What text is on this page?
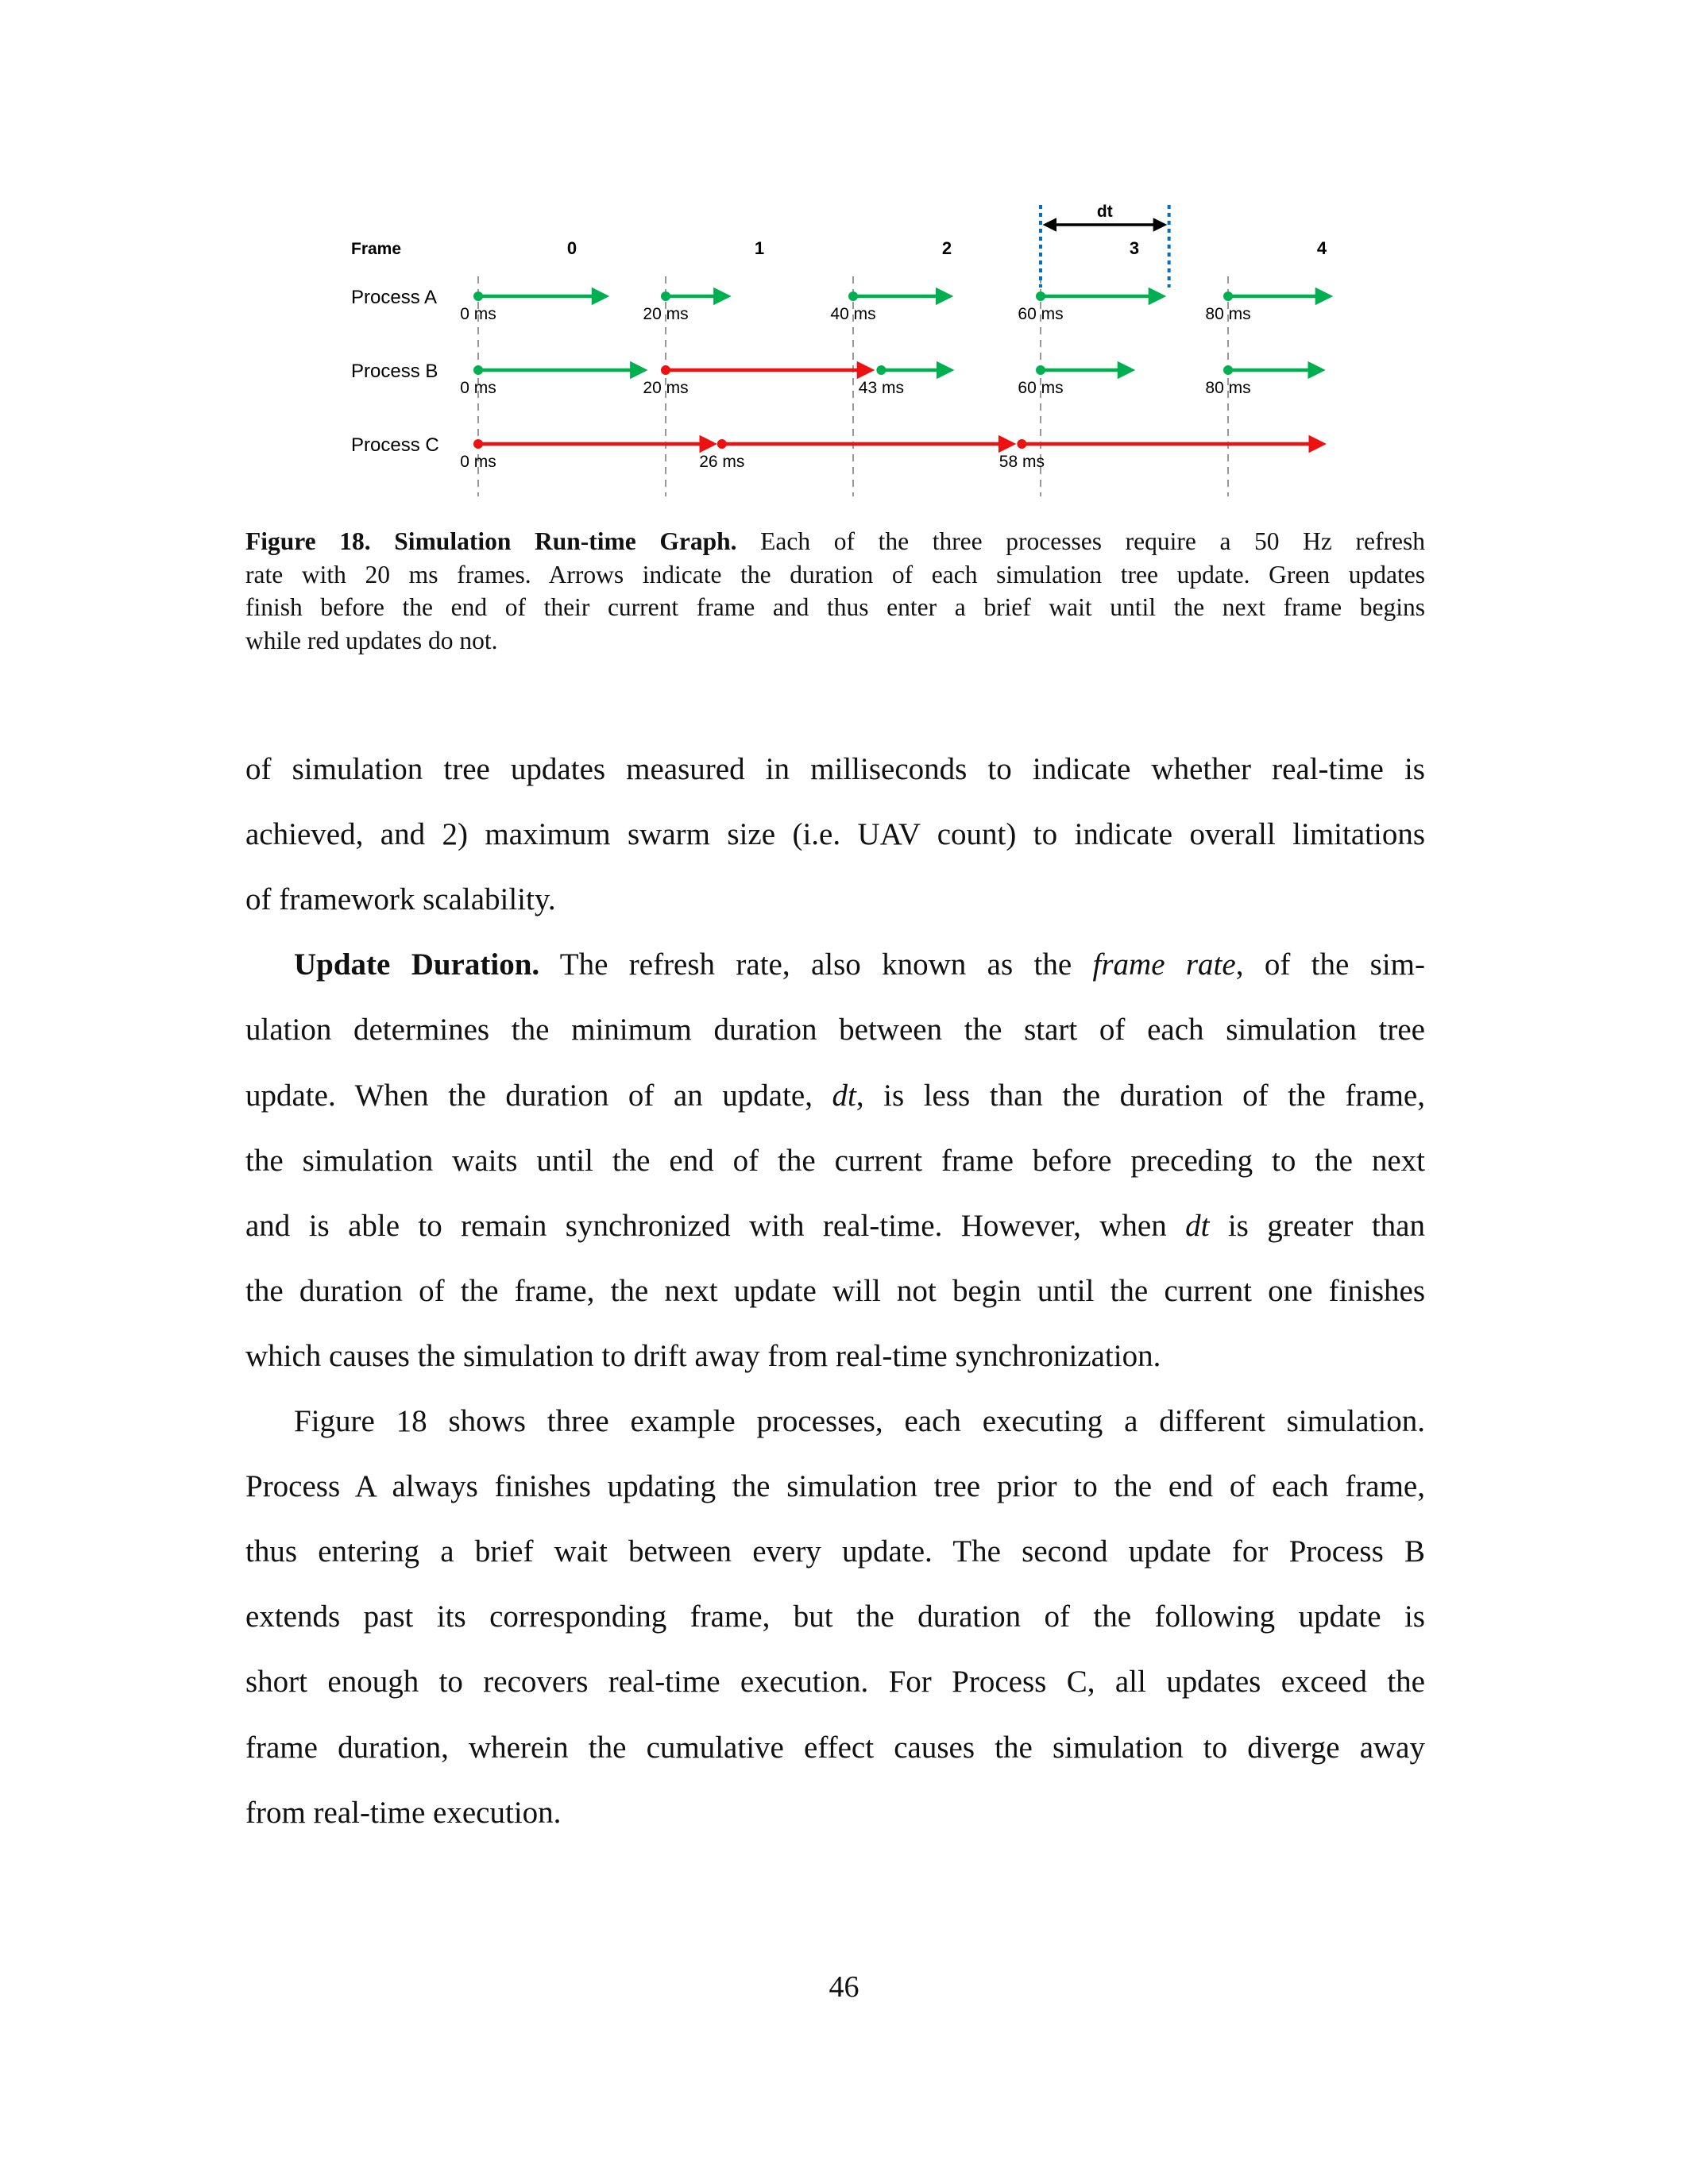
Frame	0	1	2	3	4
dt
Process A
0 ms	20 ms	40 ms	60 ms	80 ms
Process B
0 ms	20 ms	43 ms	60 ms	80 ms
Process C
0 ms	26 ms	58 ms
Figure 18. Simulation Run-time Graph. Each of the three processes require a 50 Hz refresh
rate with 20 ms frames. Arrows indicate the duration of each simulation tree update. Green updates
finish before the end of their current frame and thus enter a brief wait until the next frame begins
while red updates do not.
of simulation tree updates measured in milliseconds to indicate whether real-time is
achieved, and 2) maximum swarm size (i.e. UAV count) to indicate overall limitations
of framework scalability.
Update Duration. The refresh rate, also known as the frame rate, of the sim-
ulation determines the minimum duration between the start of each simulation tree
update. When the duration of an update, dt, is less than the duration of the frame,
the simulation waits until the end of the current frame before preceding to the next
and is able to remain synchronized with real-time. However, when dt is greater than
the duration of the frame, the next update will not begin until the current one finishes
which causes the simulation to drift away from real-time synchronization.
Figure 18 shows three example processes, each executing a different simulation.
Process A always finishes updating the simulation tree prior to the end of each frame,
thus entering a brief wait between every update. The second update for Process B
extends past its corresponding frame, but the duration of the following update is
short enough to recovers real-time execution. For Process C, all updates exceed the
frame duration, wherein the cumulative effect causes the simulation to diverge away
from real-time execution.
46
